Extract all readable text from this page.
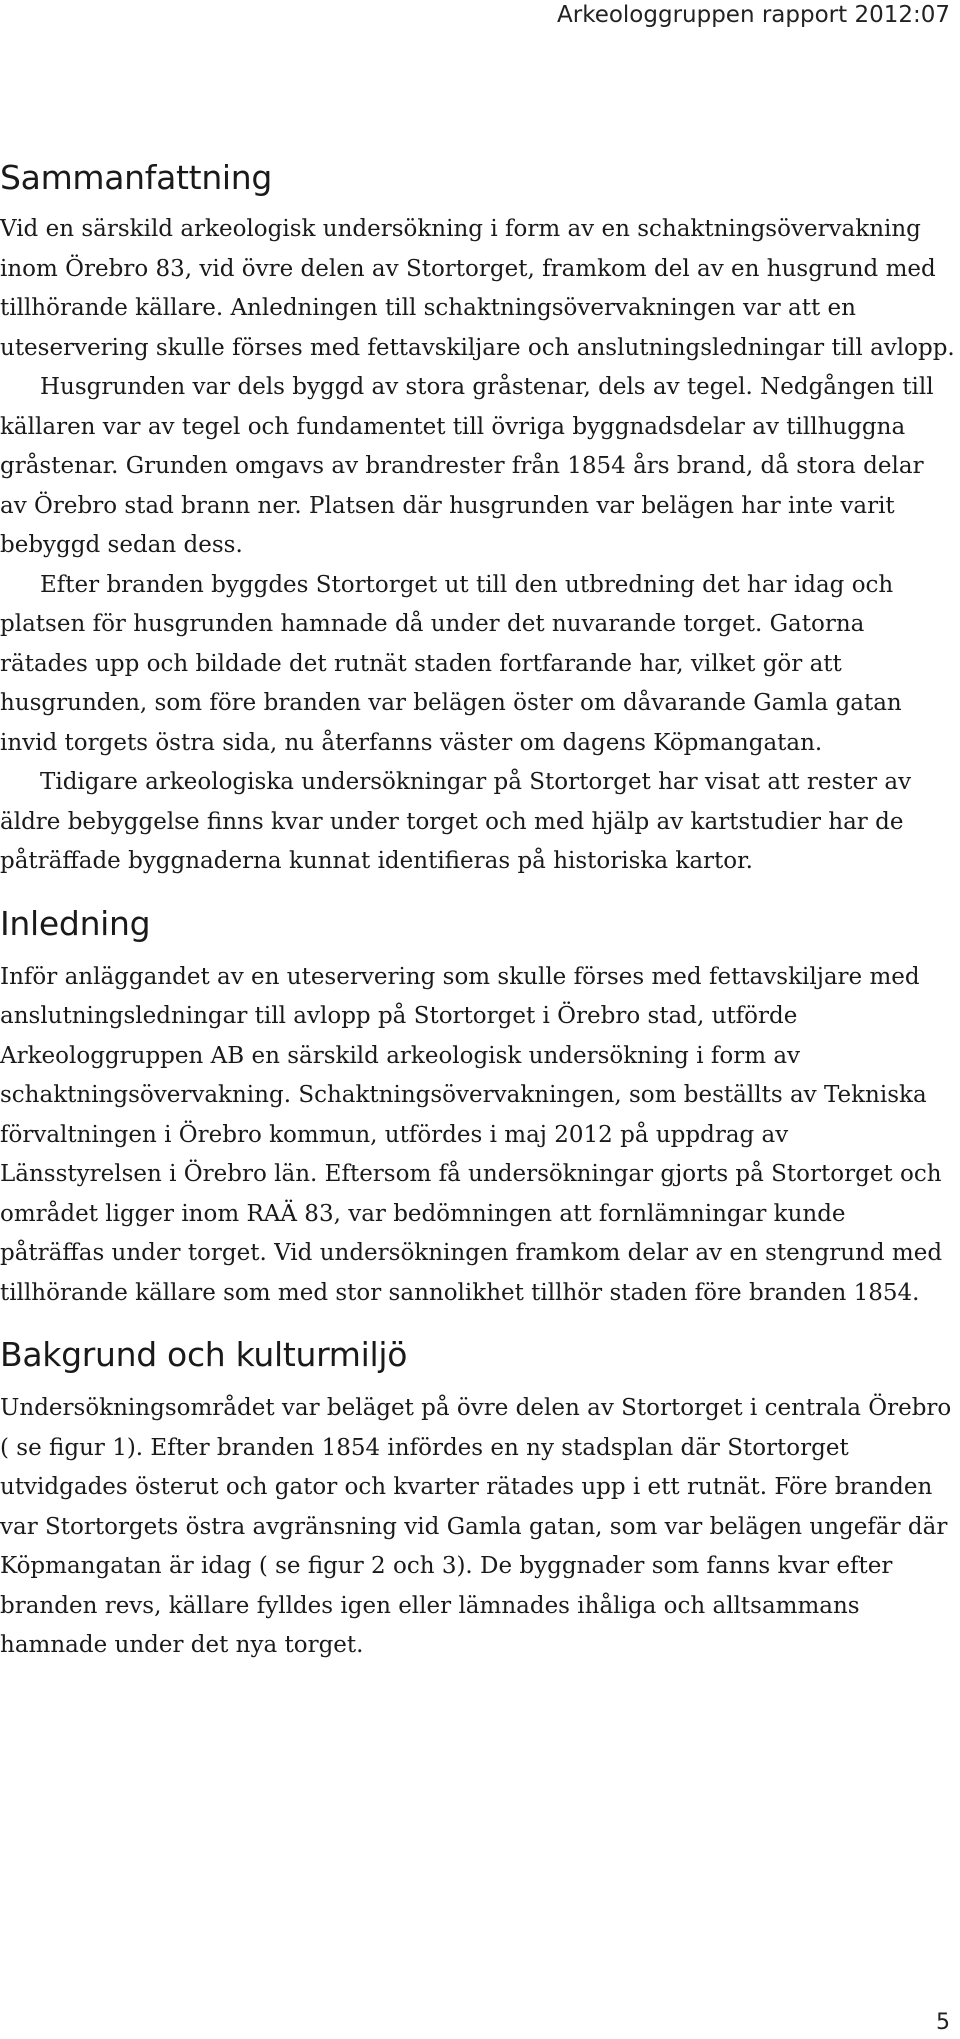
Arkeologgruppen rapport 2012:07
Sammanfattning

Vid en särskild arkeologisk undersökning i form av en schaktningsövervakning inom Örebro 83, vid övre delen av Stortorget, framkom del av en husgrund med tillhörande källare. Anledningen till schaktningsövervakningen var att en uteservering skulle förses med fettavskiljare och anslutningsledningar till avlopp.

Husgrunden var dels byggd av stora gråstenar, dels av tegel. Nedgången till källaren var av tegel och fundamentet till övriga byggnadsdelar av tillhuggna gråstenar. Grunden omgavs av brandrester från 1854 års brand, då stora delar av Örebro stad brann ner. Platsen där husgrunden var belägen har inte varit bebyggd sedan dess.

Efter branden byggdes Stortorget ut till den utbredning det har idag och platsen för husgrunden hamnade då under det nuvarande torget. Gatorna rätades upp och bildade det rutnät staden fortfarande har, vilket gör att husgrunden, som före branden var belägen öster om dåvarande Gamla gatan invid torgets östra sida, nu återfanns väster om dagens Köpmangatan.

Tidigare arkeologiska undersökningar på Stortorget har visat att rester av äldre bebyggelse finns kvar under torget och med hjälp av kartstudier har de påträffade byggnaderna kunnat identifieras på historiska kartor.

Inledning

Inför anläggandet av en uteservering som skulle förses med fettavskiljare med anslutningsledningar till avlopp på Stortorget i Örebro stad, utförde Arkeologgruppen AB en särskild arkeologisk undersökning i form av schaktningsövervakning. Schaktningsövervakningen, som beställts av Tekniska förvaltningen i Örebro kommun, utfördes i maj 2012 på uppdrag av Länsstyrelsen i Örebro län. Eftersom få undersökningar gjorts på Stortorget och området ligger inom RAÄ 83, var bedömningen att fornlämningar kunde påträffas under torget. Vid undersökningen framkom delar av en stengrund med tillhörande källare som med stor sannolikhet tillhör staden före branden 1854.

Bakgrund och kulturmiljö

Undersökningsområdet var beläget på övre delen av Stortorget i centrala Örebro ( se figur 1). Efter branden 1854 infördes en ny stadsplan där Stortorget utvidgades österut och gator och kvarter rätades upp i ett rutnät. Före branden var Stortorgets östra avgränsning vid Gamla gatan, som var belägen ungefär där Köpmangatan är idag ( se figur 2 och 3). De byggnader som fanns kvar efter branden revs, källare fylldes igen eller lämnades ihåliga och alltsammans hamnade under det nya torget.

5
